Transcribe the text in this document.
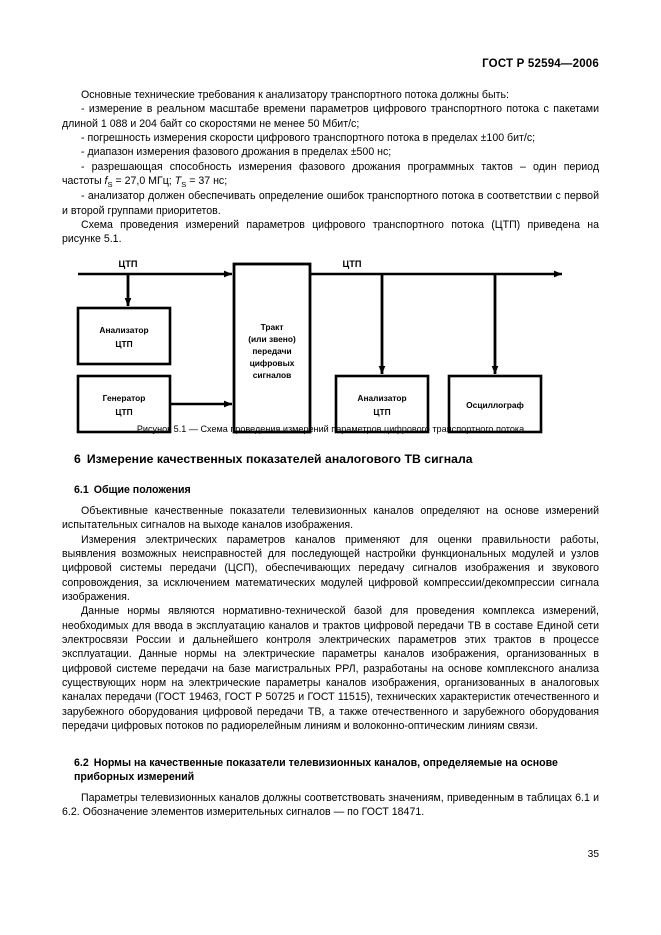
ГОСТ Р 52594—2006

Основные технические требования к анализатору транспортного потока должны быть:

- измерение в реальном масштабе времени параметров цифрового транспортного потока с пакетами длиной 1 088 и 204 байт со скоростями не менее 50 Мбит/с;

- погрешность измерения скорости цифрового транспортного потока в пределах ±100 бит/с;

- диапазон измерения фазового дрожания в пределах ±500 нс;

- разрешающая способность измерения фазового дрожания программных тактов – один период частоты $f_S = 27,0$ МГц; $T_S = 37$ нс;

- анализатор должен обеспечивать определение ошибок транспортного потока в соответствии с первой и второй группами приоритетов.

Схема проведения измерений параметров цифрового транспортного потока (ЦТП) приведена на рисунке 5.1.

ЦТП
Анализатор
ЦТП
Генератор
ЦТП
Тракт
(или звено)
передачи
цифровых
сигналов
ЦТП
Анализатор
ЦТП
Осциллограф
Рисунок 5.1 — Схема проведения измерений параметров цифрового транспортного потока
6 Измерение качественных показателей аналогового ТВ сигнала

6.1 Общие положения

Объективные качественные показатели телевизионных каналов определяют на основе измерений испытательных сигналов на выходе каналов изображения.

Измерения электрических параметров каналов применяют для оценки правильности работы, выявления возможных неисправностей для последующей настройки функциональных модулей и узлов цифровой системы передачи (ЦСП), обеспечивающих передачу сигналов изображения и звукового сопровождения, за исключением математических модулей цифровой компрессии/декомпрессии сигнала изображения.

Данные нормы являются нормативно-технической базой для проведения комплекса измерений, необходимых для ввода в эксплуатацию каналов и трактов цифровой передачи ТВ в составе Единой сети электросвязи России и дальнейшего контроля электрических параметров этих трактов в процессе эксплуатации. Данные нормы на электрические параметры каналов изображения, организованных в цифровой системе передачи на базе магистральных РРЛ, разработаны на основе комплексного анализа существующих норм на электрические параметры каналов изображения, организованных в аналоговых каналах передачи (ГОСТ 19463, ГОСТ Р 50725 и ГОСТ 11515), технических характеристик отечественного и зарубежного оборудования цифровой передачи ТВ, а также отечественного и зарубежного оборудования передачи цифровых потоков по радиорелейным линиям и волоконно-оптическим линиям связи.

6.2 Нормы на качественные показатели телевизионных каналов, определяемые на основе приборных измерений

Параметры телевизионных каналов должны соответствовать значениям, приведенным в таблицах 6.1 и 6.2. Обозначение элементов измерительных сигналов — по ГОСТ 18471.

35
